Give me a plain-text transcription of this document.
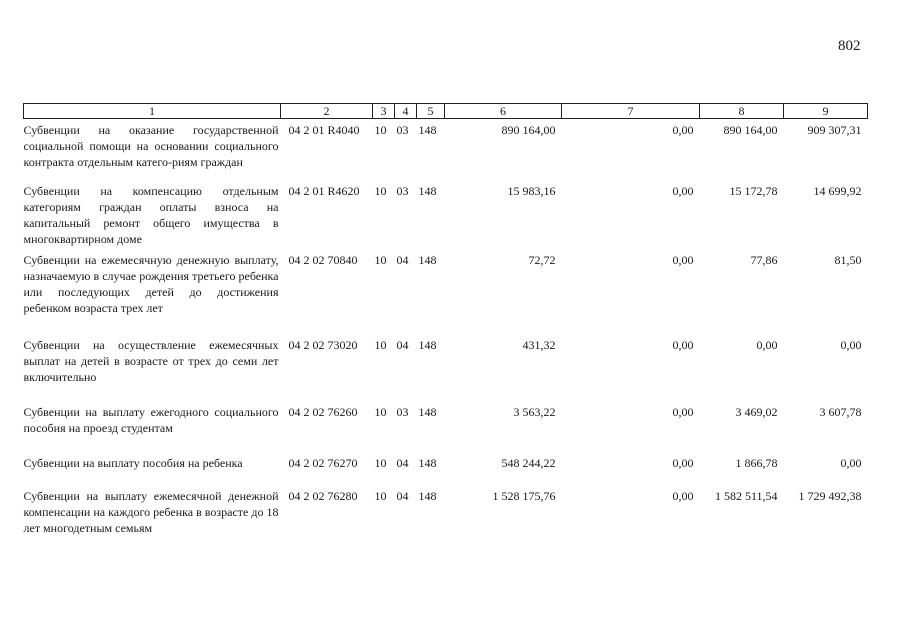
802
1	2	3	4	5	6	7	8	9
Субвенции на оказание государственной социальной помощи на основании социального контракта отдельным катего-риям граждан	04 2 01 R4040	10	03	148	890 164,00	0,00	890 164,00	909 307,31
Субвенции на компенсацию отдельным категориям граждан оплаты взноса на капитальный ремонт общего имущества в многоквартирном доме	04 2 01 R4620	10	03	148	15 983,16	0,00	15 172,78	14 699,92
Субвенции на ежемесячную денежную выплату, назначаемую в случае рождения третьего ребенка или последующих детей до достижения ребенком возраста трех лет	04 2 02 70840	10	04	148	72,72	0,00	77,86	81,50
Субвенции на осуществление ежемесячных выплат на детей в возрасте от трех до семи лет включительно	04 2 02 73020	10	04	148	431,32	0,00	0,00	0,00
Субвенции на выплату ежегодного социального пособия на проезд студентам	04 2 02 76260	10	03	148	3 563,22	0,00	3 469,02	3 607,78
Субвенции на выплату пособия на ребенка	04 2 02 76270	10	04	148	548 244,22	0,00	1 866,78	0,00
Субвенции на выплату ежемесячной денежной компенсации на каждого ребенка в возрасте до 18 лет многодетным семьям	04 2 02 76280	10	04	148	1 528 175,76	0,00	1 582 511,54	1 729 492,38
